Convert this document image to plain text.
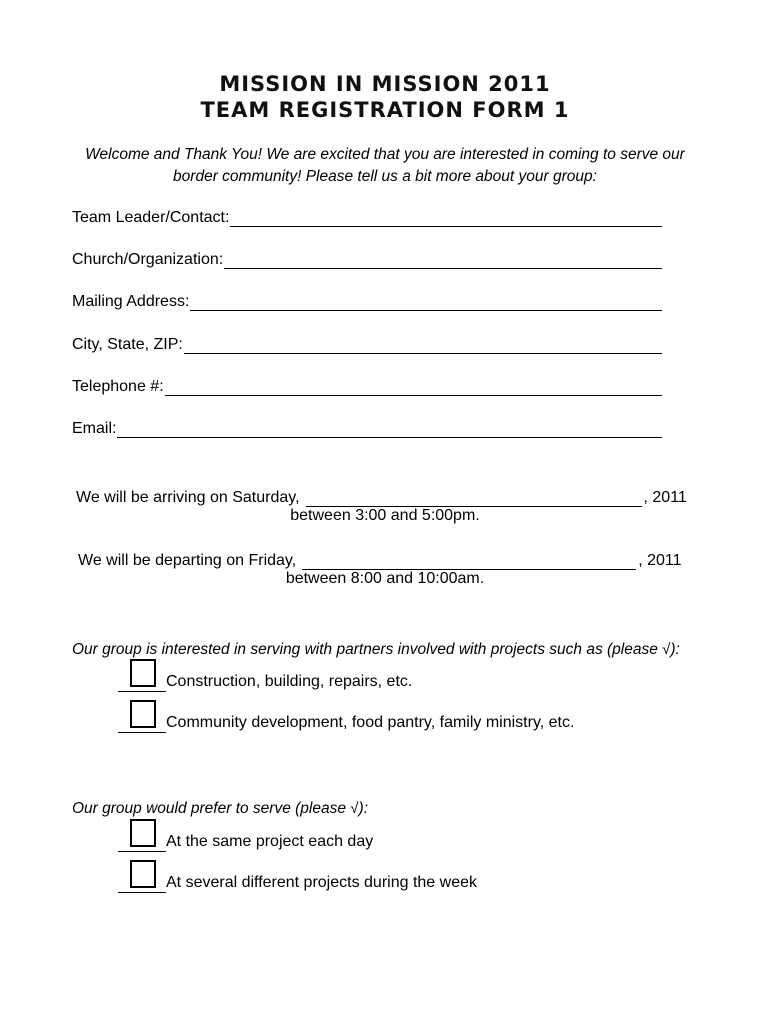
MISSION IN MISSION 2011
TEAM REGISTRATION FORM 1
Welcome and Thank You! We are excited that you are interested in coming to serve our
border community! Please tell us a bit more about your group:
Team Leader/Contact:
Church/Organization:
Mailing Address:
City, State, ZIP:
Telephone #:
Email:
We will be arriving on Saturday,	, 2011
between 3:00 and 5:00pm.
We will be departing on Friday,	, 2011
between 8:00 and 10:00am.
Our group is interested in serving with partners involved with projects such as (please √):
Construction, building, repairs, etc.
Community development, food pantry, family ministry, etc.
Our group would prefer to serve (please √):
At the same project each day
At several different projects during the week
